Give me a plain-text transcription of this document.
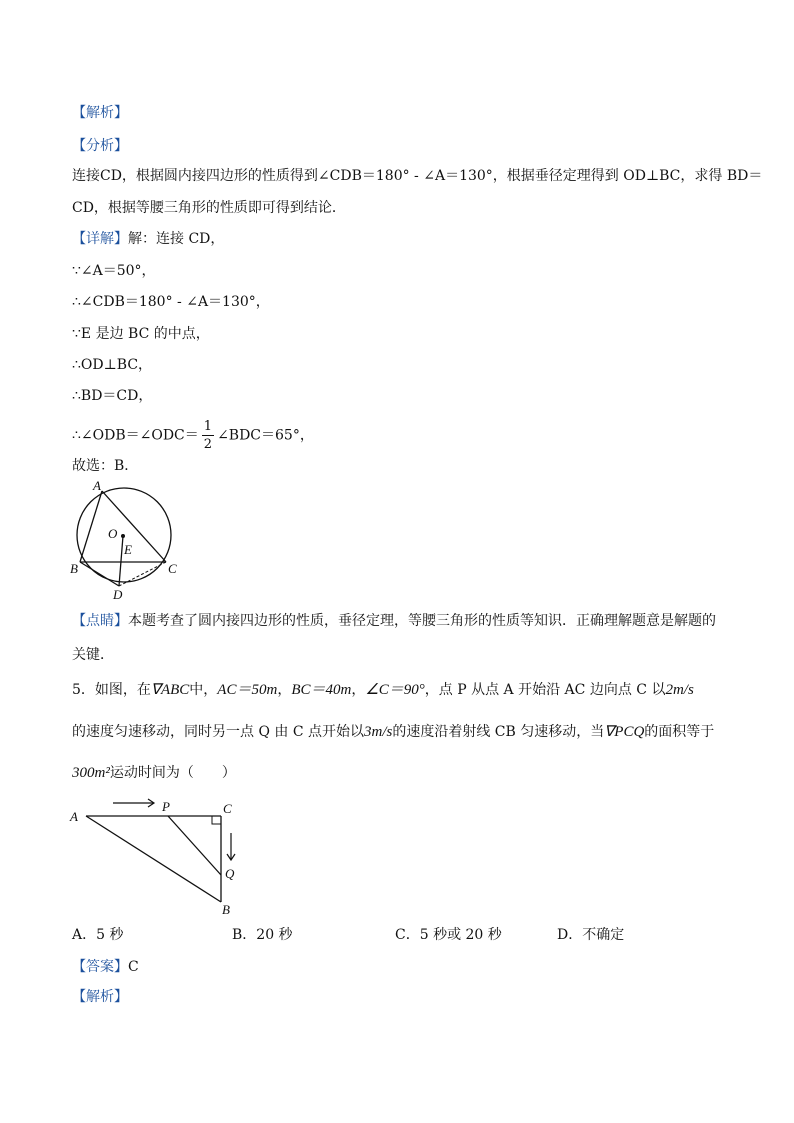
【解析】
【分析】
连接CD，根据圆内接四边形的性质得到∠CDB＝180° - ∠A＝130°，根据垂径定理得到 OD⊥BC，求得 BD＝
CD，根据等腰三角形的性质即可得到结论．
【详解】解：连接 CD，
∵∠A＝50°，
∴∠CDB＝180° - ∠A＝130°，
∵E 是边 BC 的中点，
∴OD⊥BC，
∴BD＝CD，
∴∠ODB＝∠ODC＝ $\frac{1}{2}$ ∠BDC＝65°，
故选：B．
A
O
E
B	C
D
【点睛】本题考查了圆内接四边形的性质，垂径定理，等腰三角形的性质等知识．正确理解题意是解题的
关键．
5．如图，在∇ABC中，AC＝50m，BC＝40m，∠C＝90°，点 P 从点 A 开始沿 AC 边向点 C 以2m/s
的速度匀速移动，同时另一点 Q 由 C 点开始以3m/s的速度沿着射线 CB 匀速移动，当∇PCQ的面积等于
300m²运动时间为（　　）
A
P	C
Q
B
A．5 秒	B．20 秒	C．5 秒或 20 秒	D．不确定
【答案】C
【解析】
